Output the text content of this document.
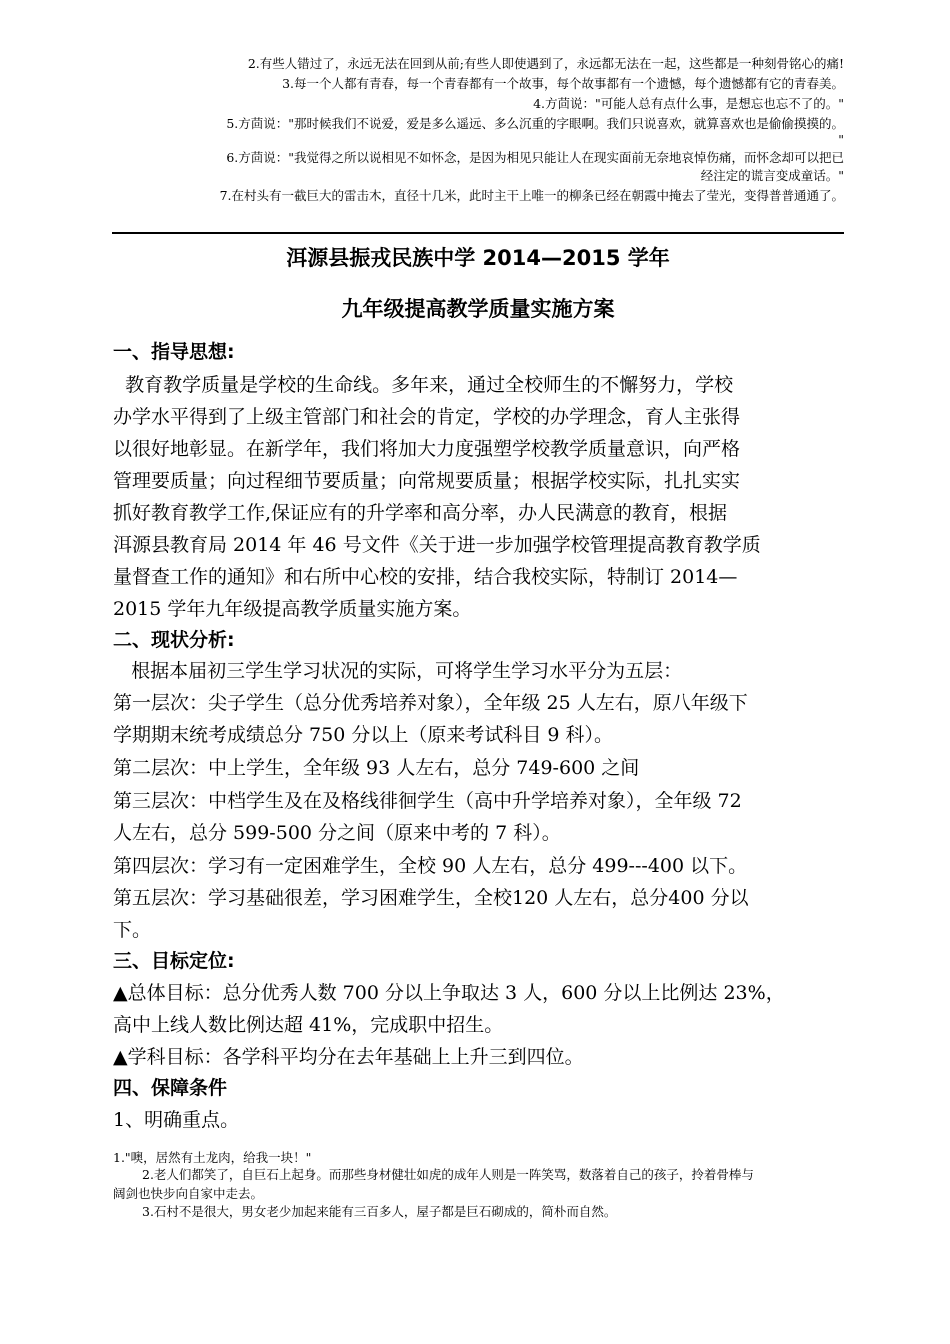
2.有些人错过了，永远无法在回到从前;有些人即使遇到了，永远都无法在一起，这些都是一种刻骨铭心的痛!
3.每一个人都有青春，每一个青春都有一个故事，每个故事都有一个遗憾，每个遗憾都有它的青春美。
4.方茴说："可能人总有点什么事，是想忘也忘不了的。"
5.方茴说："那时候我们不说爱，爱是多么遥远、多么沉重的字眼啊。我们只说喜欢，就算喜欢也是偷偷摸摸的。
"
6.方茴说："我觉得之所以说相见不如怀念，是因为相见只能让人在现实面前无奈地哀悼伤痛，而怀念却可以把已
经注定的谎言变成童话。"
7.在村头有一截巨大的雷击木，直径十几米，此时主干上唯一的柳条已经在朝霞中掩去了莹光，变得普普通通了。
洱源县振戎民族中学 2014—2015 学年
九年级提高教学质量实施方案
一、指导思想:
教育教学质量是学校的生命线。多年来，通过全校师生的不懈努力，学校
办学水平得到了上级主管部门和社会的肯定，学校的办学理念，育人主张得
以很好地彰显。在新学年，我们将加大力度强塑学校教学质量意识，向严格
管理要质量；向过程细节要质量；向常规要质量；根据学校实际，扎扎实实
抓好教育教学工作,保证应有的升学率和高分率，办人民满意的教育，根据
洱源县教育局 2014 年 46 号文件《关于进一步加强学校管理提高教育教学质
量督查工作的通知》和右所中心校的安排，结合我校实际，特制订 2014—
2015 学年九年级提高教学质量实施方案。
二、现状分析:
根据本届初三学生学习状况的实际，可将学生学习水平分为五层：
第一层次：尖子学生（总分优秀培养对象），全年级 25 人左右，原八年级下
学期期末统考成绩总分 750 分以上（原来考试科目 9 科）。
第二层次：中上学生，全年级 93 人左右，总分 749-600 之间
第三层次：中档学生及在及格线徘徊学生（高中升学培养对象），全年级 72
人左右，总分 599-500 分之间（原来中考的 7 科）。
第四层次：学习有一定困难学生，全校 90 人左右，总分 499---400 以下。
第五层次：学习基础很差，学习困难学生，全校120 人左右，总分400 分以
下。
三、目标定位:
▲总体目标：总分优秀人数 700 分以上争取达 3 人，600 分以上比例达 23%，
高中上线人数比例达超 41%，完成职中招生。
▲学科目标：各学科平均分在去年基础上上升三到四位。
四、保障条件
1、明确重点。
1."噢，居然有土龙肉，给我一块！"
2.老人们都笑了，自巨石上起身。而那些身材健壮如虎的成年人则是一阵笑骂，数落着自己的孩子，拎着骨棒与
阔剑也快步向自家中走去。
3.石村不是很大，男女老少加起来能有三百多人，屋子都是巨石砌成的，简朴而自然。
